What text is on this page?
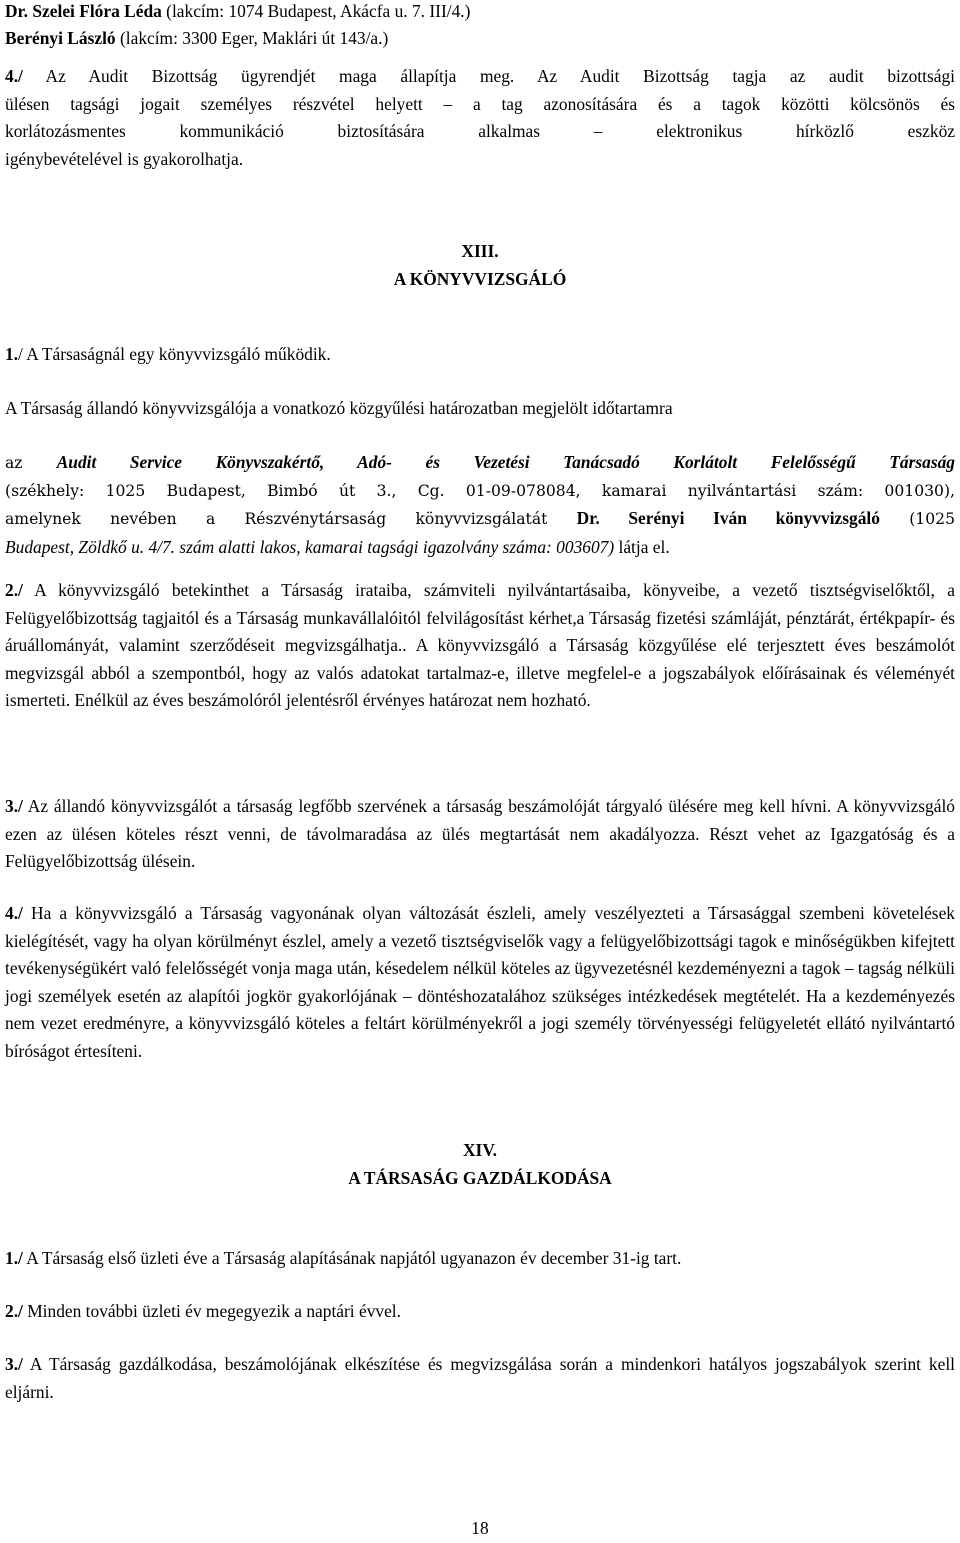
Dr. Szelei Flóra Léda (lakcím: 1074 Budapest, Akácfa u. 7. III/4.)
Berényi László (lakcím: 3300 Eger, Maklári út 143/a.)

4./ Az Audit Bizottság ügyrendjét maga állapítja meg. Az Audit Bizottság tagja az audit bizottsági

ülésen tagsági jogait személyes részvétel helyett – a tag azonosítására és a tagok közötti kölcsönös és

korlátozásmentes kommunikáció biztosítására alkalmas – elektronikus hírközlő eszköz

igénybevételével is gyakorolhatja.

XIII.
A KÖNYVVIZSGÁLÓ

1./ A Társaságnál egy könyvvizsgáló működik.

A Társaság állandó könyvvizsgálója a vonatkozó közgyűlési határozatban megjelölt időtartamra

az Audit Service Könyvszakértő, Adó- és Vezetési Tanácsadó Korlátolt Felelősségű Társaság

(székhely: 1025 Budapest, Bimbó út 3., Cg. 01-09-078084, kamarai nyilvántartási szám: 001030),

amelynek nevében a Részvénytársaság könyvvizsgálatát Dr. Serényi Iván könyvvizsgáló (1025

Budapest, Zöldkő u. 4/7. szám alatti lakos, kamarai tagsági igazolvány száma: 003607) látja el.

2./ A könyvvizsgáló betekinthet a Társaság irataiba, számviteli nyilvántartásaiba, könyveibe, a vezető tisztségviselőktől, a Felügyelőbizottság tagjaitól és a Társaság munkavállalóitól felvilágosítást kérhet,a Társaság fizetési számláját, pénztárát, értékpapír- és áruállományát, valamint szerződéseit megvizsgálhatja.. A könyvvizsgáló a Társaság közgyűlése elé terjesztett éves beszámolót megvizsgál abból a szempontból, hogy az valós adatokat tartalmaz-e, illetve megfelel-e a jogszabályok előírásainak és véleményét ismerteti. Enélkül az éves beszámolóról jelentésről érvényes határozat nem hozható.

3./ Az állandó könyvvizsgálót a társaság legfőbb szervének a társaság beszámolóját tárgyaló ülésére meg kell hívni. A könyvvizsgáló ezen az ülésen köteles részt venni, de távolmaradása az ülés megtartását nem akadályozza. Részt vehet az Igazgatóság és a Felügyelőbizottság ülésein.

4./ Ha a könyvvizsgáló a Társaság vagyonának olyan változását észleli, amely veszélyezteti a Társasággal szembeni követelések kielégítését, vagy ha olyan körülményt észlel, amely a vezető tisztségviselők vagy a felügyelőbizottsági tagok e minőségükben kifejtett tevékenységükért való felelősségét vonja maga után, késedelem nélkül köteles az ügyvezetésnél kezdeményezni a tagok – tagság nélküli jogi személyek esetén az alapítói jogkör gyakorlójának – döntéshozatalához szükséges intézkedések megtételét. Ha a kezdeményezés nem vezet eredményre, a könyvvizsgáló köteles a feltárt körülményekről a jogi személy törvényességi felügyeletét ellátó nyilvántartó bíróságot értesíteni.

XIV.
A TÁRSASÁG GAZDÁLKODÁSA

1./ A Társaság első üzleti éve a Társaság alapításának napjától ugyanazon év december 31-ig tart.

2./ Minden további üzleti év megegyezik a naptári évvel.

3./ A Társaság gazdálkodása, beszámolójának elkészítése és megvizsgálása során a mindenkori hatályos jogszabályok szerint kell eljárni.

18
